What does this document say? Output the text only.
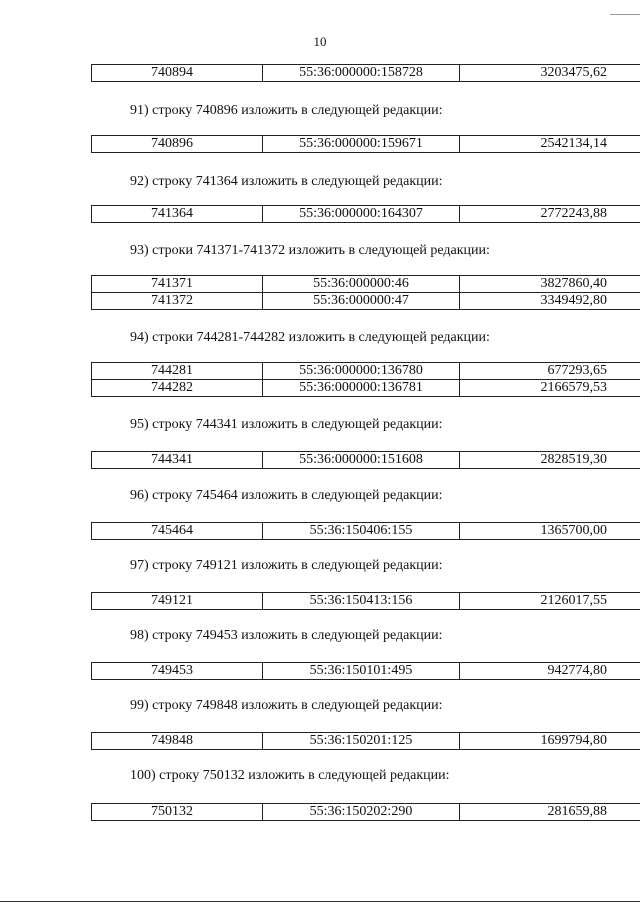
10
740894	55:36:000000:158728	3203475,62
91) строку 740896 изложить в следующей редакции:
740896	55:36:000000:159671	2542134,14
92) строку 741364 изложить в следующей редакции:
741364	55:36:000000:164307	2772243,88
93) строки 741371-741372 изложить в следующей редакции:
741371	55:36:000000:46	3827860,40
741372	55:36:000000:47	3349492,80
94) строки 744281-744282 изложить в следующей редакции:
744281	55:36:000000:136780	677293,65
744282	55:36:000000:136781	2166579,53
95) строку 744341 изложить в следующей редакции:
744341	55:36:000000:151608	2828519,30
96) строку 745464 изложить в следующей редакции:
745464	55:36:150406:155	1365700,00
97) строку 749121 изложить в следующей редакции:
749121	55:36:150413:156	2126017,55
98) строку 749453 изложить в следующей редакции:
749453	55:36:150101:495	942774,80
99) строку 749848 изложить в следующей редакции:
749848	55:36:150201:125	1699794,80
100) строку 750132 изложить в следующей редакции:
750132	55:36:150202:290	281659,88
